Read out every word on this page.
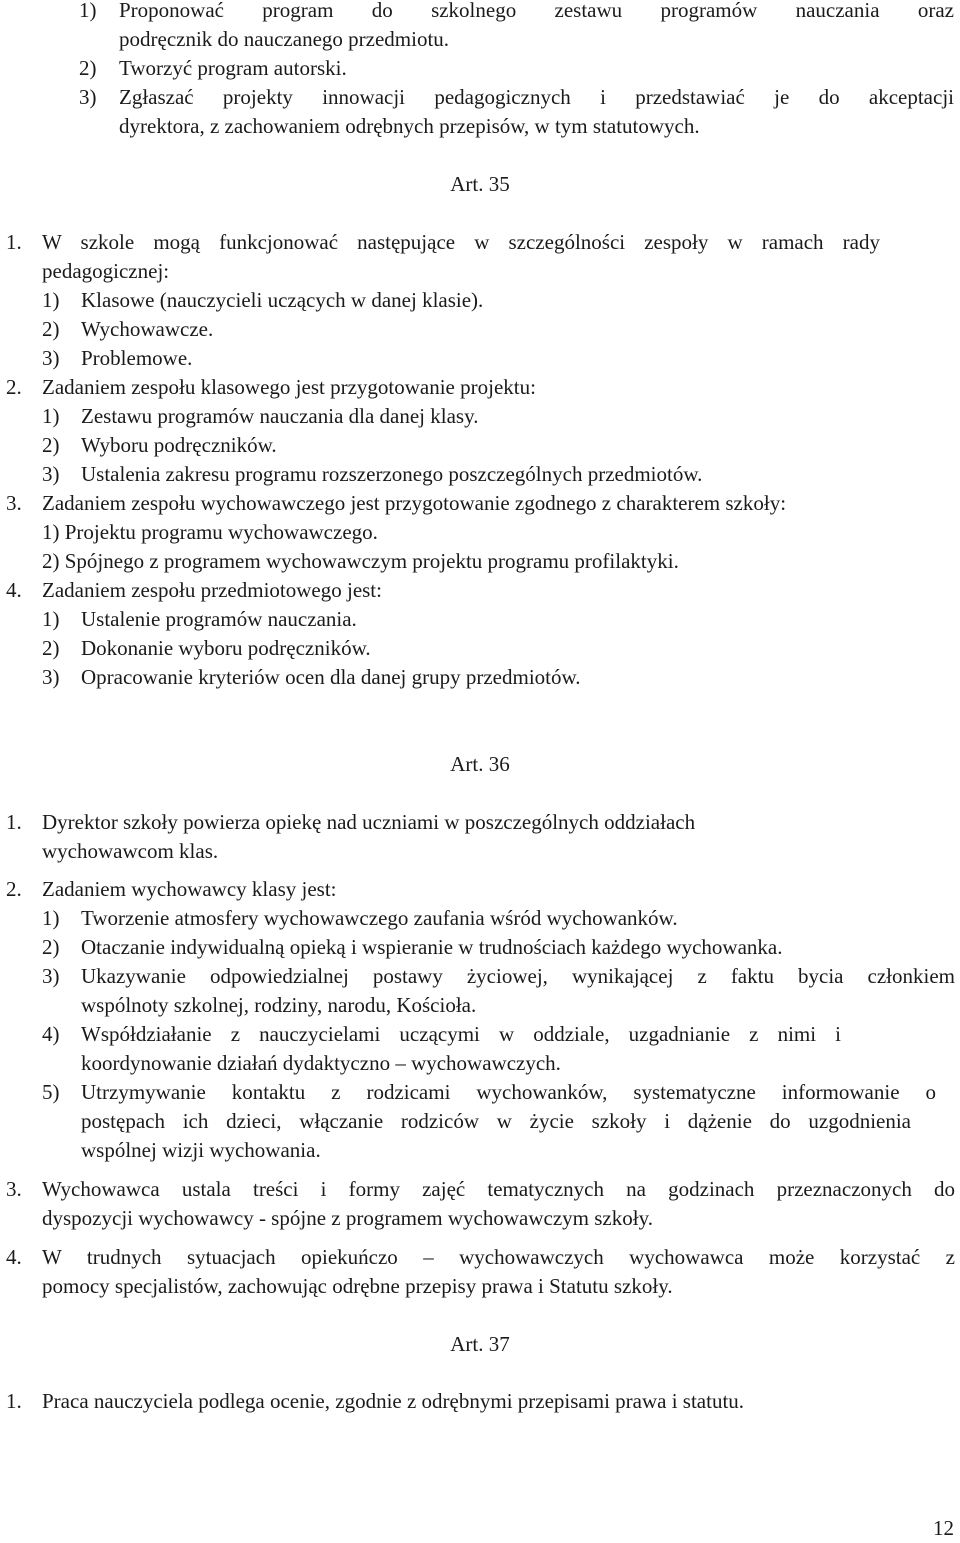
1) Proponować program do szkolnego zestawu programów nauczania oraz
podręcznik do nauczanego przedmiotu.
2) Tworzyć program autorski.
3) Zgłaszać projekty innowacji pedagogicznych i przedstawiać je do akceptacji
dyrektora, z zachowaniem odrębnych przepisów, w tym statutowych.
Art. 35
1. W szkole mogą funkcjonować następujące w szczególności zespoły w ramach rady
pedagogicznej:
1) Klasowe (nauczycieli uczących w danej klasie).
2) Wychowawcze.
3) Problemowe.
2. Zadaniem zespołu klasowego jest przygotowanie projektu:
1) Zestawu programów nauczania dla danej klasy.
2) Wyboru podręczników.
3) Ustalenia zakresu programu rozszerzonego poszczególnych przedmiotów.
3. Zadaniem zespołu wychowawczego jest przygotowanie zgodnego z charakterem szkoły:
1) Projektu programu wychowawczego.
2) Spójnego z programem wychowawczym projektu programu profilaktyki.
4. Zadaniem zespołu przedmiotowego jest:
1) Ustalenie programów nauczania.
2) Dokonanie wyboru podręczników.
3) Opracowanie kryteriów ocen dla danej grupy przedmiotów.
Art. 36
1. Dyrektor szkoły powierza opiekę nad uczniami w poszczególnych oddziałach
wychowawcom klas.
2. Zadaniem wychowawcy klasy jest:
1) Tworzenie atmosfery wychowawczego zaufania wśród wychowanków.
2) Otaczanie indywidualną opieką i wspieranie w trudnościach każdego wychowanka.
3) Ukazywanie odpowiedzialnej postawy życiowej, wynikającej z faktu bycia członkiem
wspólnoty szkolnej, rodziny, narodu, Kościoła.
4) Współdziałanie z nauczycielami uczącymi w oddziale, uzgadnianie z nimi i
koordynowanie działań dydaktyczno – wychowawczych.
5) Utrzymywanie kontaktu z rodzicami wychowanków, systematyczne informowanie o
postępach ich dzieci, włączanie rodziców w życie szkoły i dążenie do uzgodnienia
wspólnej wizji wychowania.
3. Wychowawca ustala treści i formy zajęć tematycznych na godzinach przeznaczonych do
dyspozycji wychowawcy - spójne z programem wychowawczym szkoły.
4. W trudnych sytuacjach opiekuńczo – wychowawczych wychowawca może korzystać z
pomocy specjalistów, zachowując odrębne przepisy prawa i Statutu szkoły.
Art. 37
1. Praca nauczyciela podlega ocenie, zgodnie z odrębnymi przepisami prawa i statutu.
12
